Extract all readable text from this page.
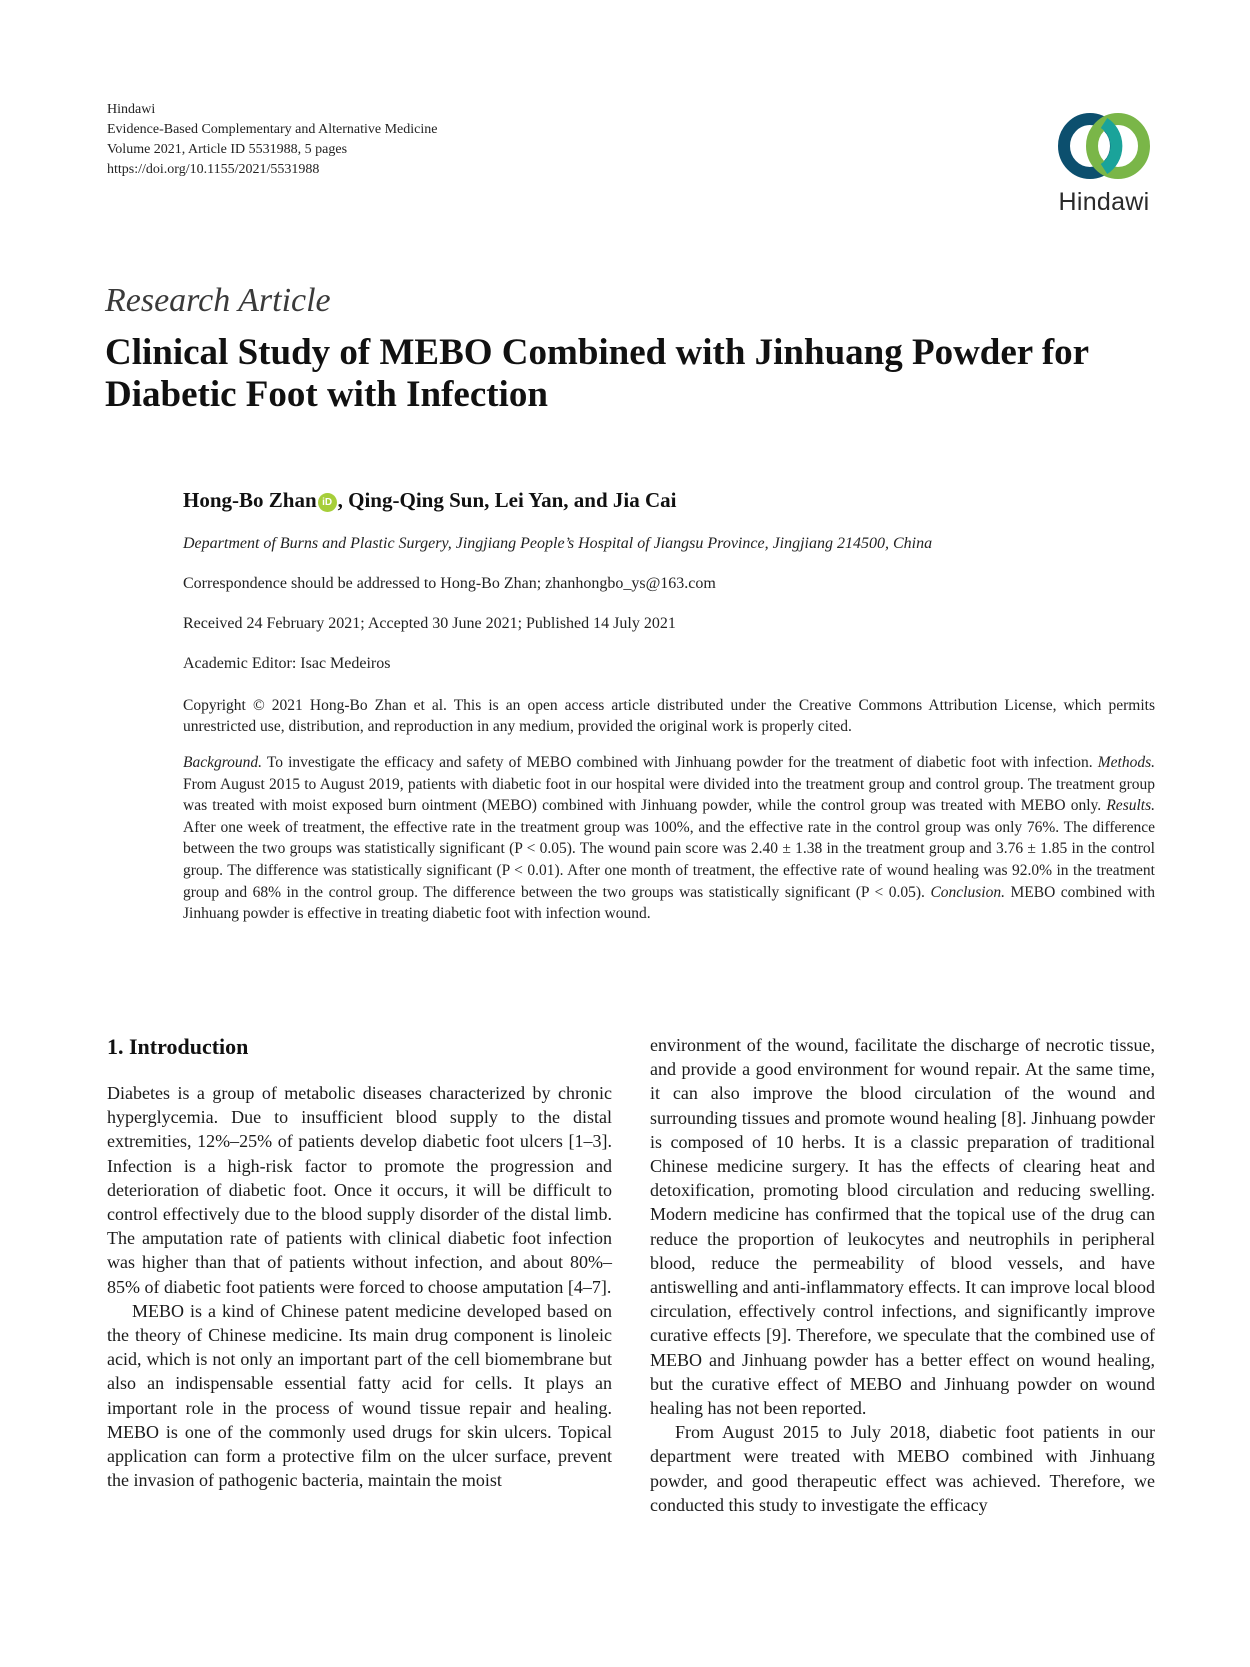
Hindawi
Evidence-Based Complementary and Alternative Medicine
Volume 2021, Article ID 5531988, 5 pages
https://doi.org/10.1155/2021/5531988
Hindawi
Research Article
Clinical Study of MEBO Combined with Jinhuang Powder for Diabetic Foot with Infection
Hong-Bo Zhan iD , Qing-Qing Sun, Lei Yan, and Jia Cai
Department of Burns and Plastic Surgery, Jingjiang People’s Hospital of Jiangsu Province, Jingjiang 214500, China
Correspondence should be addressed to Hong-Bo Zhan; zhanhongbo_ys@163.com
Received 24 February 2021; Accepted 30 June 2021; Published 14 July 2021
Academic Editor: Isac Medeiros
Copyright © 2021 Hong-Bo Zhan et al. This is an open access article distributed under the Creative Commons Attribution License, which permits unrestricted use, distribution, and reproduction in any medium, provided the original work is properly cited.
Background. To investigate the efficacy and safety of MEBO combined with Jinhuang powder for the treatment of diabetic foot with infection. Methods. From August 2015 to August 2019, patients with diabetic foot in our hospital were divided into the treatment group and control group. The treatment group was treated with moist exposed burn ointment (MEBO) combined with Jinhuang powder, while the control group was treated with MEBO only. Results. After one week of treatment, the effective rate in the treatment group was 100%, and the effective rate in the control group was only 76%. The difference between the two groups was statistically significant (P < 0.05). The wound pain score was 2.40 ± 1.38 in the treatment group and 3.76 ± 1.85 in the control group. The difference was statistically significant (P < 0.01). After one month of treatment, the effective rate of wound healing was 92.0% in the treatment group and 68% in the control group. The difference between the two groups was statistically significant (P < 0.05). Conclusion. MEBO combined with Jinhuang powder is effective in treating diabetic foot with infection wound.
1. Introduction

Diabetes is a group of metabolic diseases characterized by chronic hyperglycemia. Due to insufficient blood supply to the distal extremities, 12%–25% of patients develop diabetic foot ulcers [1–3]. Infection is a high-risk factor to promote the progression and deterioration of diabetic foot. Once it occurs, it will be difficult to control effectively due to the blood supply disorder of the distal limb. The amputation rate of patients with clinical diabetic foot infection was higher than that of patients without infection, and about 80%–85% of diabetic foot patients were forced to choose amputation [4–7].

MEBO is a kind of Chinese patent medicine developed based on the theory of Chinese medicine. Its main drug component is linoleic acid, which is not only an important part of the cell biomembrane but also an indispensable essential fatty acid for cells. It plays an important role in the process of wound tissue repair and healing. MEBO is one of the commonly used drugs for skin ulcers. Topical application can form a protective film on the ulcer surface, prevent the invasion of pathogenic bacteria, maintain the moist

environment of the wound, facilitate the discharge of necrotic tissue, and provide a good environment for wound repair. At the same time, it can also improve the blood circulation of the wound and surrounding tissues and promote wound healing [8]. Jinhuang powder is composed of 10 herbs. It is a classic preparation of traditional Chinese medicine surgery. It has the effects of clearing heat and detoxification, promoting blood circulation and reducing swelling. Modern medicine has confirmed that the topical use of the drug can reduce the proportion of leukocytes and neutrophils in peripheral blood, reduce the permeability of blood vessels, and have antiswelling and anti-inflammatory effects. It can improve local blood circulation, effectively control infections, and significantly improve curative effects [9]. Therefore, we speculate that the combined use of MEBO and Jinhuang powder has a better effect on wound healing, but the curative effect of MEBO and Jinhuang powder on wound healing has not been reported.

From August 2015 to July 2018, diabetic foot patients in our department were treated with MEBO combined with Jinhuang powder, and good therapeutic effect was achieved. Therefore, we conducted this study to investigate the efficacy
